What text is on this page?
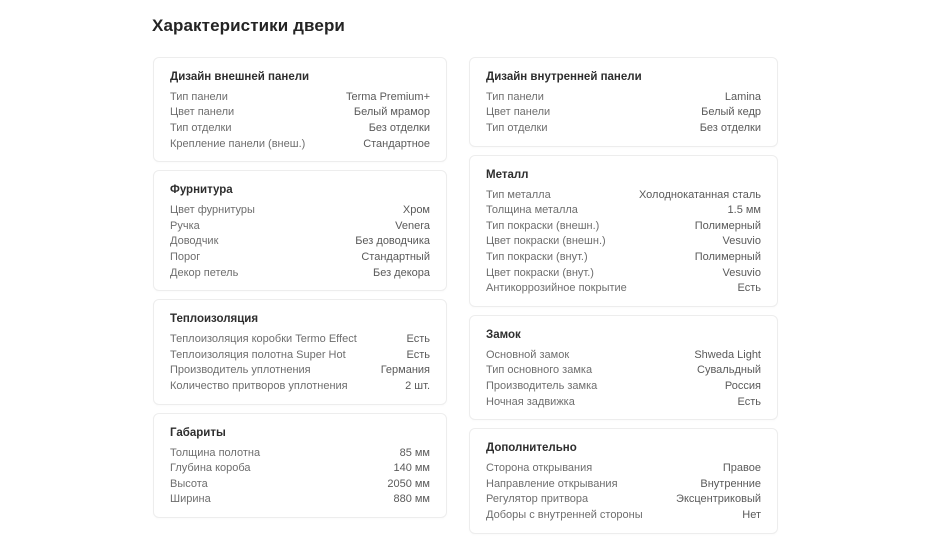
Характеристики двери
Дизайн внешней панели
Тип панели	Terma Premium+
Цвет панели	Белый мрамор
Тип отделки	Без отделки
Крепление панели (внеш.)	Стандартное
Фурнитура
Цвет фурнитуры	Хром
Ручка	Venera
Доводчик	Без доводчика
Порог	Стандартный
Декор петель	Без декора
Теплоизоляция
Теплоизоляция коробки Termo Effect	Есть
Теплоизоляция полотна Super Hot	Есть
Производитель уплотнения	Германия
Количество притворов уплотнения	2 шт.
Габариты
Толщина полотна	85 мм
Глубина короба	140 мм
Высота	2050 мм
Ширина	880 мм
Дизайн внутренней панели
Тип панели	Lamina
Цвет панели	Белый кедр
Тип отделки	Без отделки
Металл
Тип металла	Холоднокатанная сталь
Толщина металла	1.5 мм
Тип покраски (внешн.)	Полимерный
Цвет покраски (внешн.)	Vesuvio
Тип покраски (внут.)	Полимерный
Цвет покраски (внут.)	Vesuvio
Антикоррозийное покрытие	Есть
Замок
Основной замок	Shweda Light
Тип основного замка	Сувальдный
Производитель замка	Россия
Ночная задвижка	Есть
Дополнительно
Сторона открывания	Правое
Направление открывания	Внутренние
Регулятор притвора	Эксцентриковый
Доборы с внутренней стороны	Нет
